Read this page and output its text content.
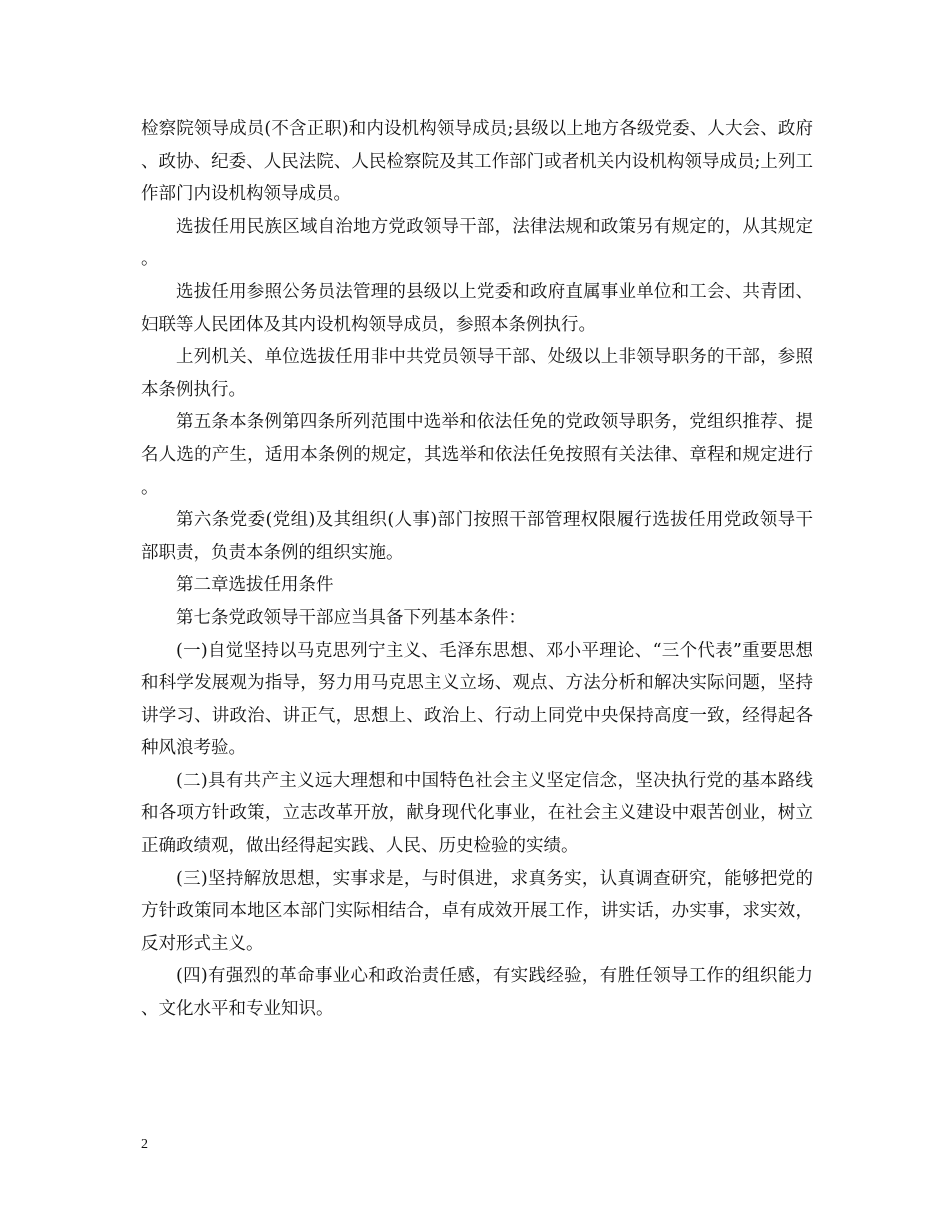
检察院领导成员(不含正职)和内设机构领导成员;县级以上地方各级党委、人大会、政府、政协、纪委、人民法院、人民检察院及其工作部门或者机关内设机构领导成员;上列工作部门内设机构领导成员。

选拔任用民族区域自治地方党政领导干部，法律法规和政策另有规定的，从其规定。

选拔任用参照公务员法管理的县级以上党委和政府直属事业单位和工会、共青团、妇联等人民团体及其内设机构领导成员，参照本条例执行。

上列机关、单位选拔任用非中共党员领导干部、处级以上非领导职务的干部，参照本条例执行。

第五条本条例第四条所列范围中选举和依法任免的党政领导职务，党组织推荐、提名人选的产生，适用本条例的规定，其选举和依法任免按照有关法律、章程和规定进行。

第六条党委(党组)及其组织(人事)部门按照干部管理权限履行选拔任用党政领导干部职责，负责本条例的组织实施。

第二章选拔任用条件

第七条党政领导干部应当具备下列基本条件：

(一)自觉坚持以马克思列宁主义、毛泽东思想、邓小平理论、“三个代表”重要思想和科学发展观为指导，努力用马克思主义立场、观点、方法分析和解决实际问题，坚持讲学习、讲政治、讲正气，思想上、政治上、行动上同党中央保持高度一致，经得起各种风浪考验。

(二)具有共产主义远大理想和中国特色社会主义坚定信念，坚决执行党的基本路线和各项方针政策，立志改革开放，献身现代化事业，在社会主义建设中艰苦创业，树立正确政绩观，做出经得起实践、人民、历史检验的实绩。

(三)坚持解放思想，实事求是，与时俱进，求真务实，认真调查研究，能够把党的方针政策同本地区本部门实际相结合，卓有成效开展工作，讲实话，办实事，求实效，反对形式主义。

(四)有强烈的革命事业心和政治责任感，有实践经验，有胜任领导工作的组织能力、文化水平和专业知识。

2
